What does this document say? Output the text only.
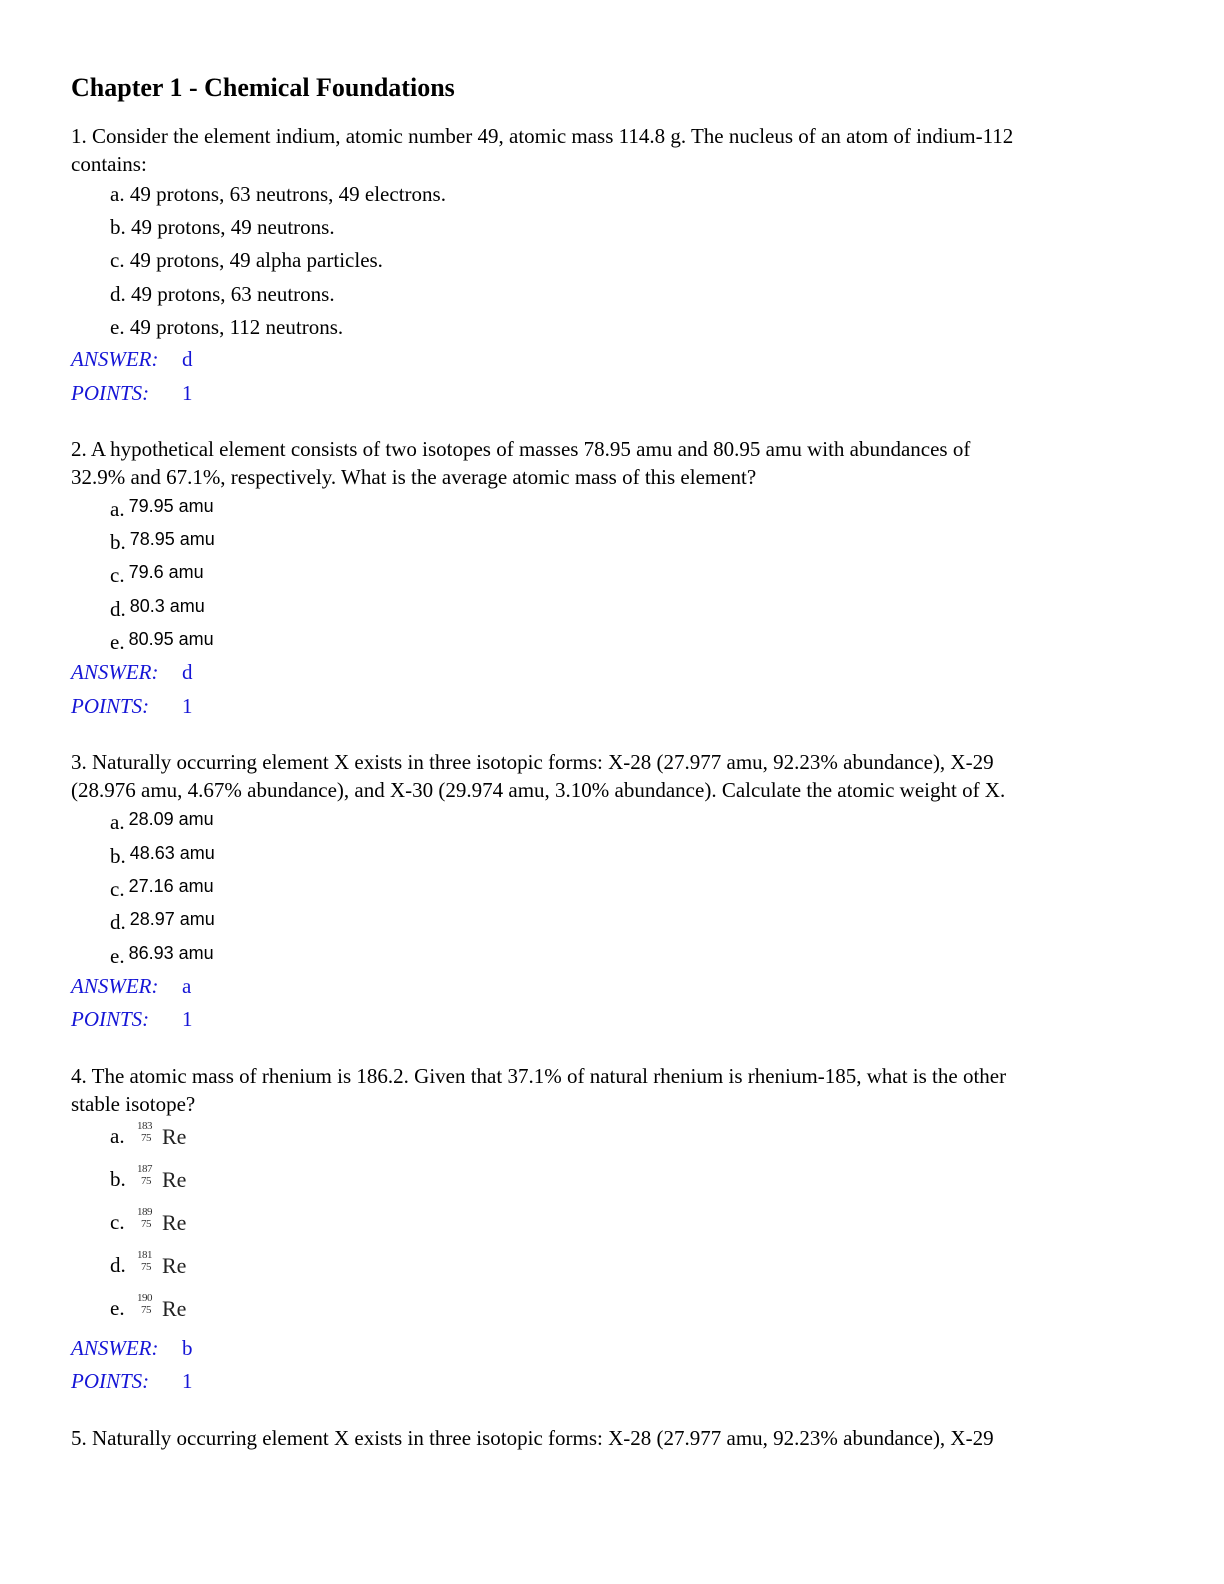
Chapter 1 - Chemical Foundations
1. Consider the element indium, atomic number 49, atomic mass 114.8 g. The nucleus of an atom of indium-112
contains:
a. 49 protons, 63 neutrons, 49 electrons.
b. 49 protons, 49 neutrons.
c. 49 protons, 49 alpha particles.
d. 49 protons, 63 neutrons.
e. 49 protons, 112 neutrons.
ANSWER: d
POINTS: 1
2. A hypothetical element consists of two isotopes of masses 78.95 amu and 80.95 amu with abundances of
32.9% and 67.1%, respectively. What is the average atomic mass of this element?
a. 79.95 amu
b. 78.95 amu
c. 79.6 amu
d. 80.3 amu
e. 80.95 amu
ANSWER: d
POINTS: 1
3. Naturally occurring element X exists in three isotopic forms: X-28 (27.977 amu, 92.23% abundance), X-29
(28.976 amu, 4.67% abundance), and X-30 (29.974 amu, 3.10% abundance). Calculate the atomic weight of X.
a. 28.09 amu
b. 48.63 amu
c. 27.16 amu
d. 28.97 amu
e. 86.93 amu
ANSWER: a
POINTS: 1
4. The atomic mass of rhenium is 186.2. Given that 37.1% of natural rhenium is rhenium-185, what is the other
stable isotope?
a. 183
75 Re
b. 187
75 Re
c. 189
75 Re
d. 181
75 Re
e. 190
75 Re
ANSWER: b
POINTS: 1
5. Naturally occurring element X exists in three isotopic forms: X-28 (27.977 amu, 92.23% abundance), X-29
